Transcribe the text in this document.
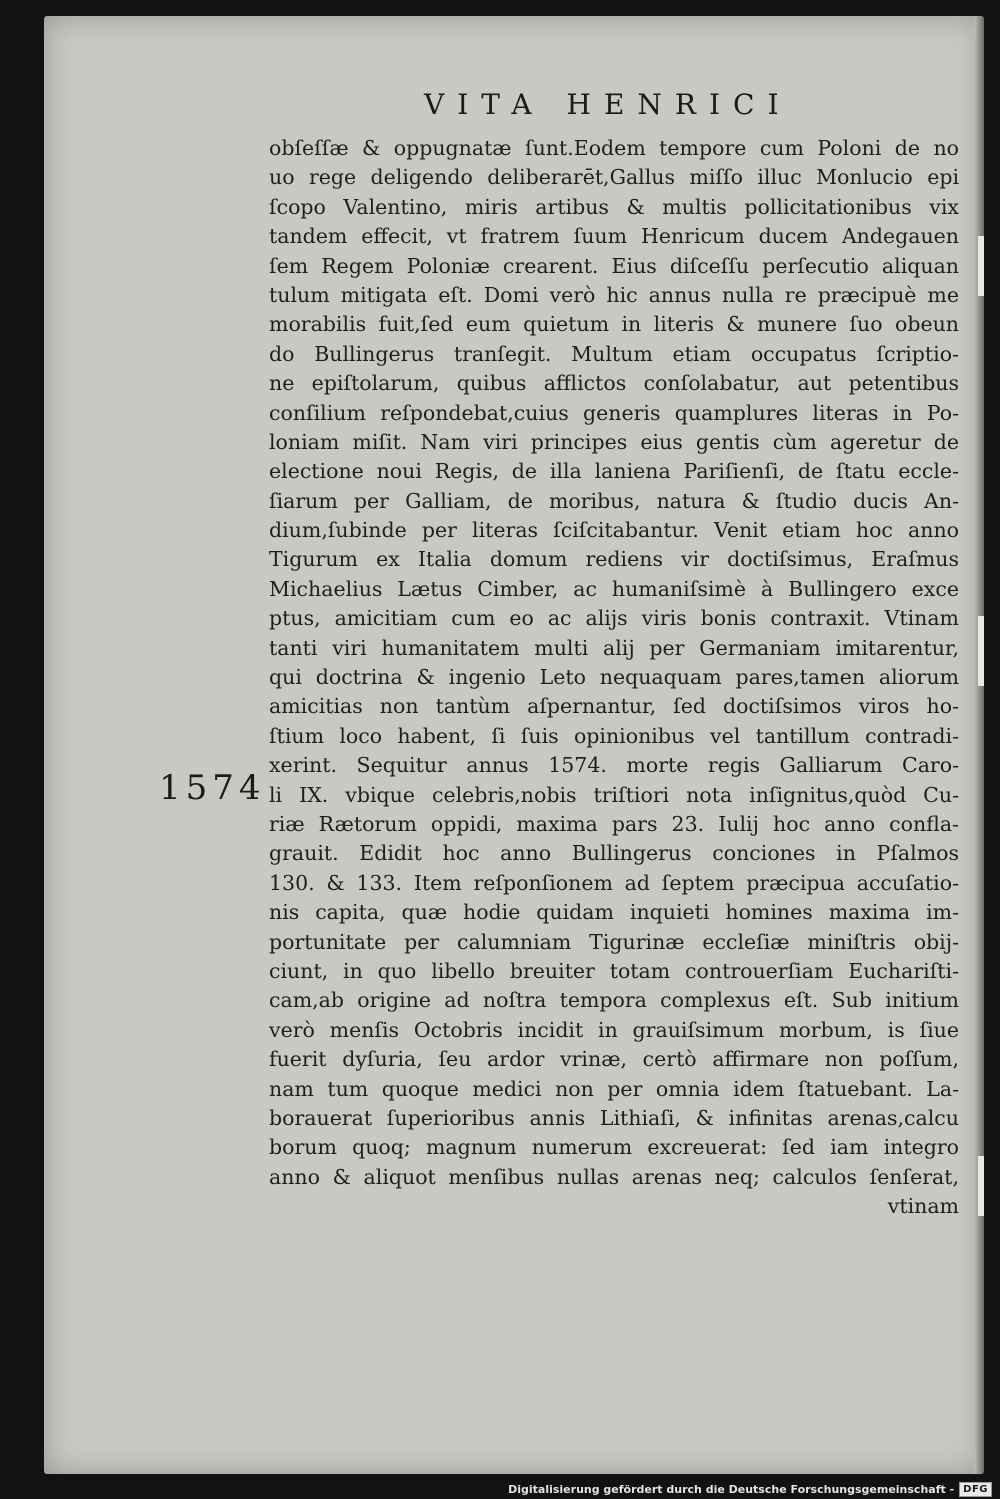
VITA HENRICI
1574
obſeſſæ & oppugnatæ ſunt.Eodem tempore cum Poloni de no
uo rege deligendo deliberarēt,Gallus miſſo illuc Monlucio epi
ſcopo Valentino, miris artibus & multis pollicitationibus vix
tandem effecit, vt fratrem ſuum Henricum ducem Andegauen
ſem Regem Poloniæ crearent. Eius diſceſſu perſecutio aliquan
tulum mitigata eſt. Domi verò hic annus nulla re præcipuè me
morabilis fuit,ſed eum quietum in literis & munere ſuo obeun
do Bullingerus tranſegit. Multum etiam occupatus ſcriptio-
ne epiſtolarum, quibus afflictos conſolabatur, aut petentibus
conſilium reſpondebat,cuius generis quamplures literas in Po-
loniam miſit. Nam viri principes eius gentis cùm ageretur de
electione noui Regis, de illa laniena Pariſienſi, de ſtatu eccle-
ſiarum per Galliam, de moribus, natura & ſtudio ducis An-
dium,ſubinde per literas ſciſcitabantur. Venit etiam hoc anno
Tigurum ex Italia domum rediens vir doctiſsimus, Eraſmus
Michaelius Lætus Cimber, ac humaniſsimè à Bullingero exce
ptus, amicitiam cum eo ac alijs viris bonis contraxit. Vtinam
tanti viri humanitatem multi alij per Germaniam imitarentur,
qui doctrina & ingenio Leto nequaquam pares,tamen aliorum
amicitias non tantùm aſpernantur, ſed doctiſsimos viros ho-
ſtium loco habent, ſi ſuis opinionibus vel tantillum contradi-
xerint. Sequitur annus 1574. morte regis Galliarum Caro-
li IX. vbique celebris,nobis triſtiori nota inſignitus,quòd Cu-
riæ Rætorum oppidi, maxima pars 23. Iulij hoc anno confla-
grauit. Edidit hoc anno Bullingerus conciones in Pſalmos
130. & 133. Item reſponſionem ad ſeptem præcipua accuſatio-
nis capita, quæ hodie quidam inquieti homines maxima im-
portunitate per calumniam Tigurinæ eccleſiæ miniſtris obij-
ciunt, in quo libello breuiter totam controuerſiam Euchariſti-
cam,ab origine ad noſtra tempora complexus eſt. Sub initium
verò menſis Octobris incidit in grauiſsimum morbum, is ſiue
fuerit dyſuria, ſeu ardor vrinæ, certò affirmare non poſſum,
nam tum quoque medici non per omnia idem ſtatuebant. La-
borauerat ſuperioribus annis Lithiaſi, & infinitas arenas,calcu
borum quoq; magnum numerum excreuerat: ſed iam integro
anno & aliquot menſibus nullas arenas neq; calculos ſenſerat,
vtinam
Digitalisierung gefördert durch die Deutsche Forschungsgemeinschaft - DFG
